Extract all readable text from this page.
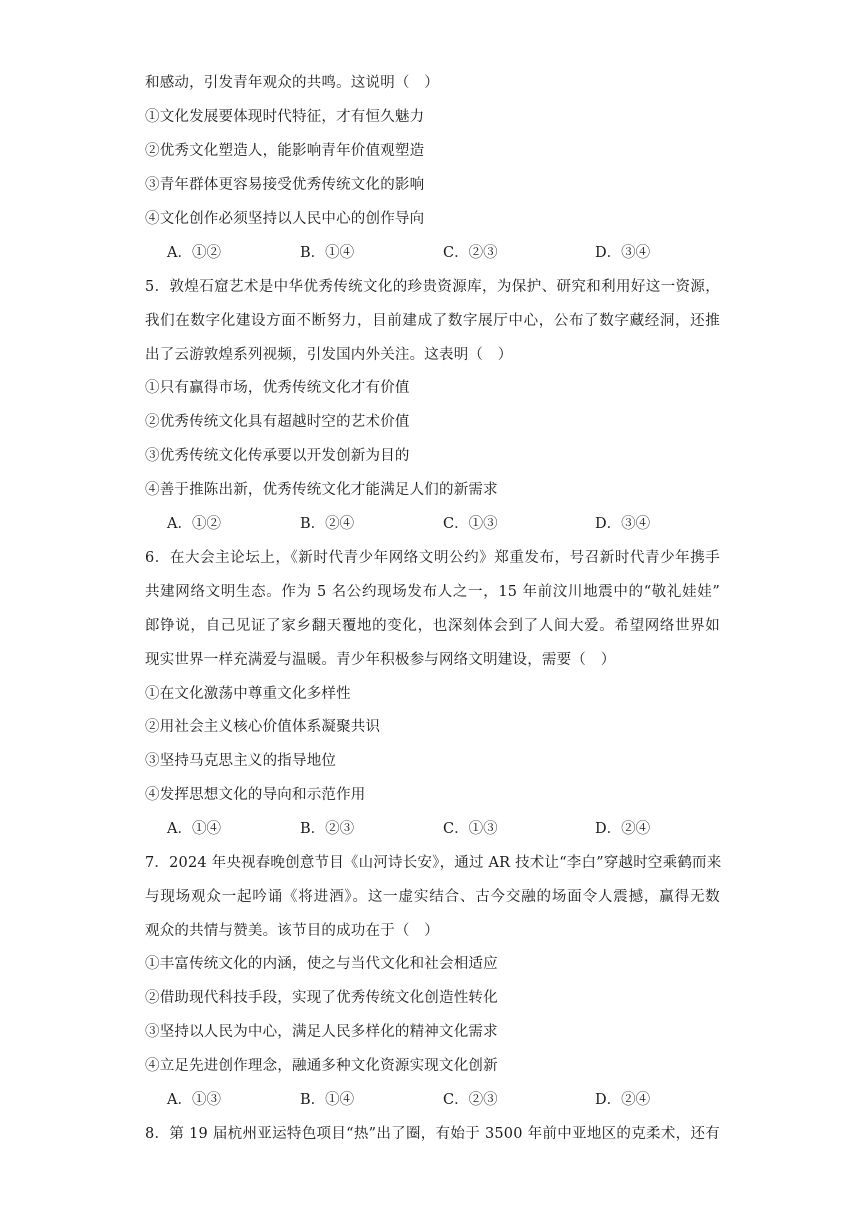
和感动，引发青年观众的共鸣。这说明（　）
①文化发展要体现时代特征，才有恒久魅力
②优秀文化塑造人，能影响青年价值观塑造
③青年群体更容易接受优秀传统文化的影响
④文化创作必须坚持以人民中心的创作导向
A．①②	B．①④	C．②③	D．③④
5．敦煌石窟艺术是中华优秀传统文化的珍贵资源库，为保护、研究和利用好这一资源，
我们在数字化建设方面不断努力，目前建成了数字展厅中心，公布了数字藏经洞，还推
出了云游敦煌系列视频，引发国内外关注。这表明（　）
①只有赢得市场，优秀传统文化才有价值
②优秀传统文化具有超越时空的艺术价值
③优秀传统文化传承要以开发创新为目的
④善于推陈出新，优秀传统文化才能满足人们的新需求
A．①②	B．②④	C．①③	D．③④
6．在大会主论坛上，《新时代青少年网络文明公约》郑重发布，号召新时代青少年携手
共建网络文明生态。作为 5 名公约现场发布人之一，15 年前汶川地震中的“敬礼娃娃”
郎铮说，自己见证了家乡翻天覆地的变化，也深刻体会到了人间大爱。希望网络世界如
现实世界一样充满爱与温暖。青少年积极参与网络文明建设，需要（　）
①在文化激荡中尊重文化多样性
②用社会主义核心价值体系凝聚共识
③坚持马克思主义的指导地位
④发挥思想文化的导向和示范作用
A．①④	B．②③	C．①③	D．②④
7．2024 年央视春晚创意节目《山河诗长安》，通过 AR 技术让“李白”穿越时空乘鹤而来
与现场观众一起吟诵《将进酒》。这一虚实结合、古今交融的场面令人震撼，赢得无数
观众的共情与赞美。该节目的成功在于（　）
①丰富传统文化的内涵，使之与当代文化和社会相适应
②借助现代科技手段，实现了优秀传统文化创造性转化
③坚持以人民为中心，满足人民多样化的精神文化需求
④立足先进创作理念，融通多种文化资源实现文化创新
A．①③	B．①④	C．②③	D．②④
8．第 19 届杭州亚运特色项目“热”出了圈，有始于 3500 年前中亚地区的克柔术，还有
